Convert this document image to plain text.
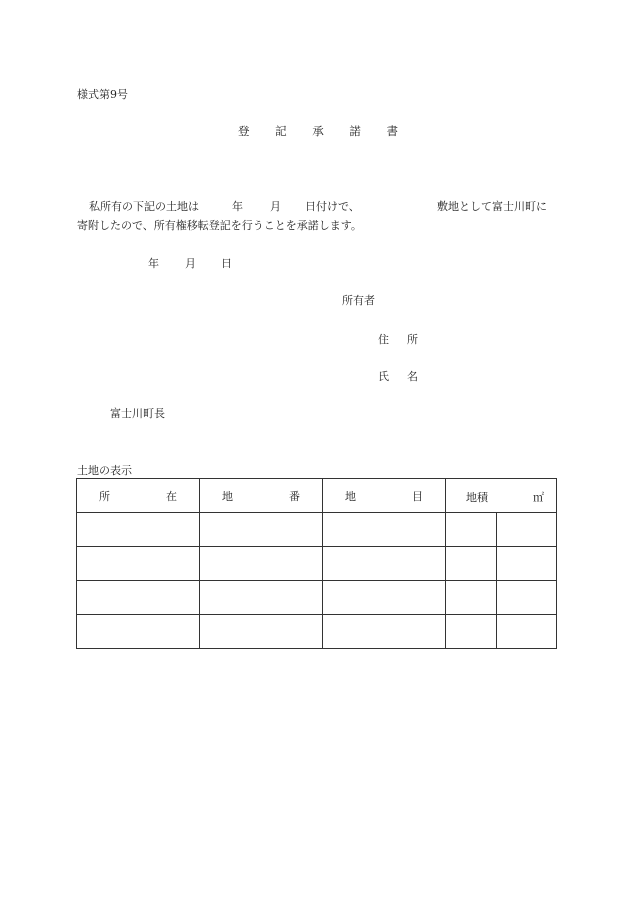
様式第9号
登 記 承 諾 書
私所有の下記の土地は	年 月 日付けで、	敷地として富士川町に
寄附したので、所有権移転登記を行うことを承諾します。
年 月 日
所有者
住 所
氏 名
富士川町長
土地の表示
所 在	地 番	地 目	地積 ㎡	
